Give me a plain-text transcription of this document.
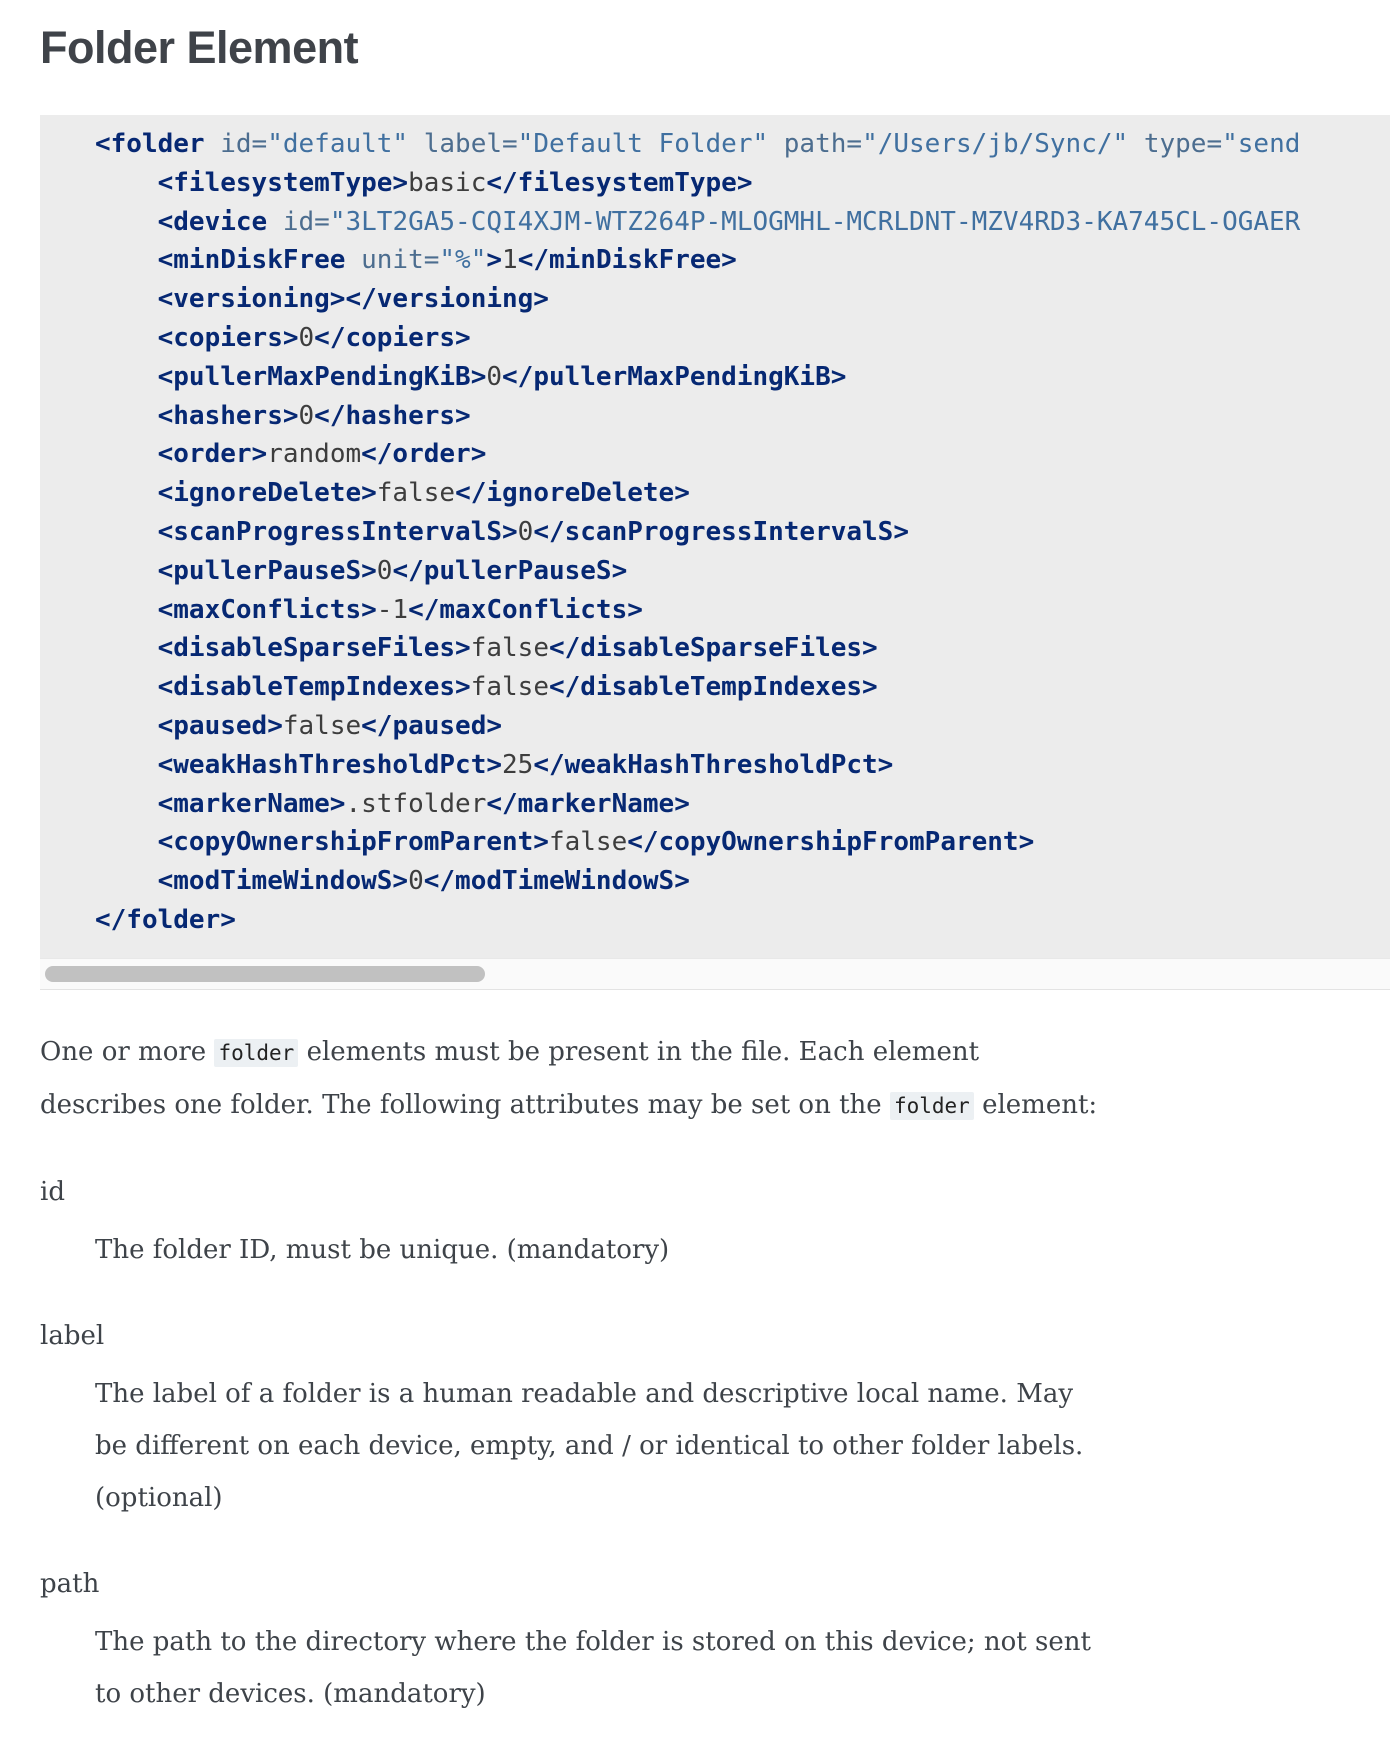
Folder Element
<folder id="default" label="Default Folder" path="/Users/jb/Sync/" type="send
<filesystemType>basic</filesystemType>
<device id="3LT2GA5-CQI4XJM-WTZ264P-MLOGMHL-MCRLDNT-MZV4RD3-KA745CL-OGAER
<minDiskFree unit="%">1</minDiskFree>
<versioning></versioning>
<copiers>0</copiers>
<pullerMaxPendingKiB>0</pullerMaxPendingKiB>
<hashers>0</hashers>
<order>random</order>
<ignoreDelete>false</ignoreDelete>
<scanProgressIntervalS>0</scanProgressIntervalS>
<pullerPauseS>0</pullerPauseS>
<maxConflicts>-1</maxConflicts>
<disableSparseFiles>false</disableSparseFiles>
<disableTempIndexes>false</disableTempIndexes>
<paused>false</paused>
<weakHashThresholdPct>25</weakHashThresholdPct>
<markerName>.stfolder</markerName>
<copyOwnershipFromParent>false</copyOwnershipFromParent>
<modTimeWindowS>0</modTimeWindowS>
</folder>
One or more folder elements must be present in the file. Each element
describes one folder. The following attributes may be set on the folder element:
id
The folder ID, must be unique. (mandatory)
label
The label of a folder is a human readable and descriptive local name. May
be different on each device, empty, and / or identical to other folder labels.
(optional)
path
The path to the directory where the folder is stored on this device; not sent
to other devices. (mandatory)
